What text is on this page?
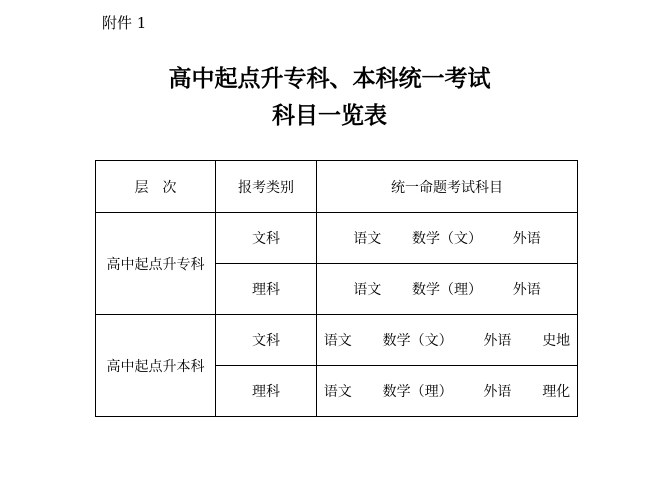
附件 1
高中起点升专科、本科统一考试
科目一览表
层　次	报考类别	统一命题考试科目
高中起点升专科	文科	语文 数学（文） 外语
	理科	语文 数学（理） 外语
高中起点升本科	文科	语文 数学（文） 外语 史地
	理科	语文 数学（理） 外语 理化
